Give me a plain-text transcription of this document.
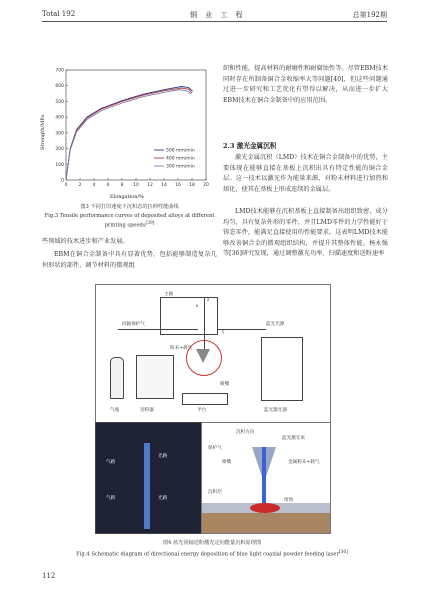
Total 192	铜 业 工 程	总第192期
Strength/MPa
0
100
200
300
400
500
600
700
0 2 4 6 8 10 12 14 16 18 20
500 mm/min
400 mm/min
300 mm/min
Elongation/%
图3 不同打印速度下沉积态的拉伸性能曲线
Fig.3 Tensile performance curves of deposited alloys at different printing speeds[39]
些领域的技术进步和产业发展。
EBM在铜合金制备中具有显著优势，包括能够制造复杂几何形状的部件，调节材料的微观组
织和性能，提高材料的耐磨性和耐腐蚀性等。尽管EBM技术同时存在所制备铜合金收缩率大等问题[40]，但这些问题通过进一步研究和工艺优化有望得以解决，从而进一步扩大EBM技术在铜合金制备中的应用范围。
2.3 激光金属沉积
激光金属沉积（LMD）技术在铜合金制备中的优势，主要体现在能够直接在基板上沉积出具有特定性能的铜合金层。这一技术以激光作为能量来源，对粉末材料进行加热和熔化，使其在基板上形成连续的金属层。
LMD技术能够在沉积基板上直接制备出组织致密，成分均匀，具有复杂外形的零件，并且LMD零件的力学性能好于铸态零件，能满足直接使用的性能要求。这表明LMD技术能够改善铜合金的微观组织结构，并提升其整体性能。杨永强等[36]研究发现，通过调整激光功率、扫描速度和送粉速率
主轴
z
x
y
同轴保护气
粉末+载气
喷嘴
气瓶	送粉器	平台
蓝光光源
蓝光激光器
气路
光路
气路	光路
沉积方向
蓝光激光束
保护气
喷嘴	金属粉末+载气
沉积层
熔池
图4 蓝光同轴送粉激光定向能量沉积原理图
Fig.4 Schematic diagram of directional energy deposition of blue light coaxial powder feeding laser[36]
112
